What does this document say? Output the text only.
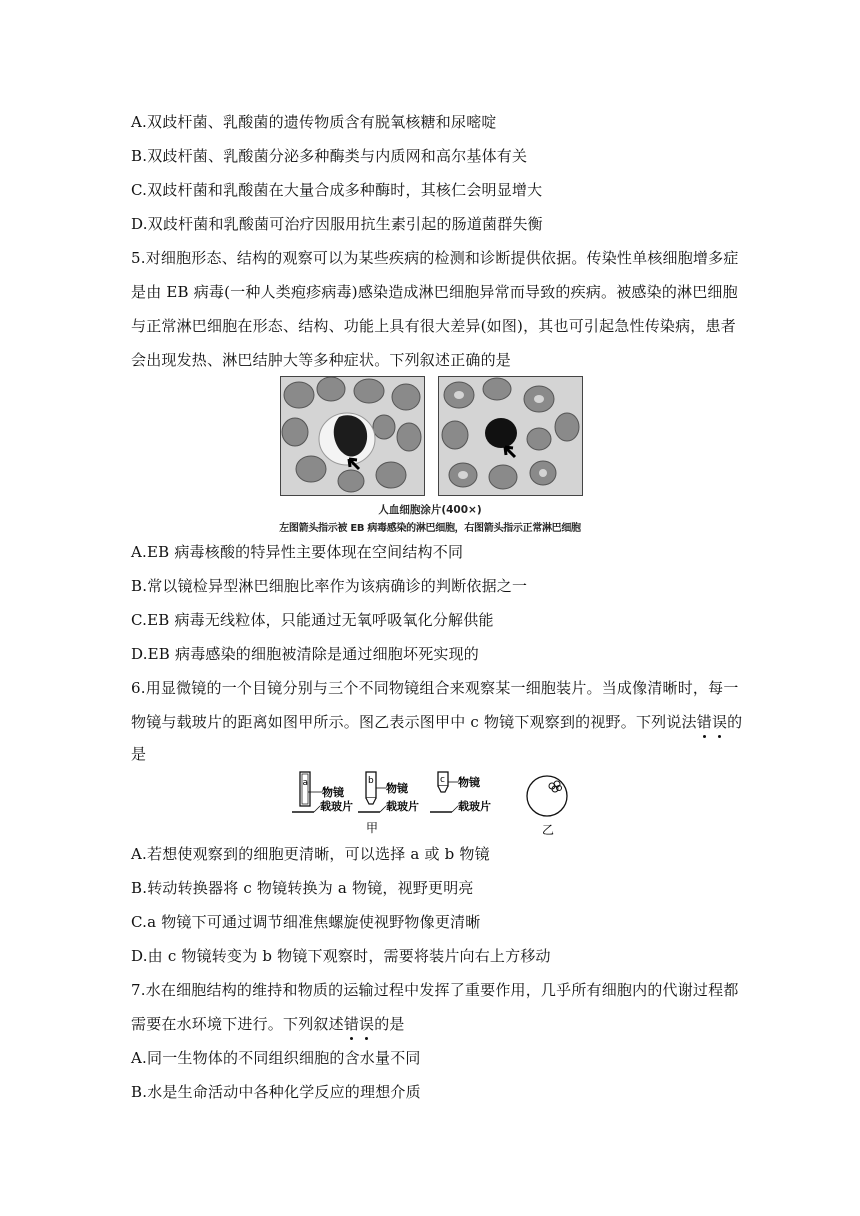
A.双歧杆菌、乳酸菌的遗传物质含有脱氧核糖和尿嘧啶
B.双歧杆菌、乳酸菌分泌多种酶类与内质网和高尔基体有关
C.双歧杆菌和乳酸菌在大量合成多种酶时，其核仁会明显增大
D.双歧杆菌和乳酸菌可治疗因服用抗生素引起的肠道菌群失衡
5.对细胞形态、结构的观察可以为某些疾病的检测和诊断提供依据。传染性单核细胞增多症
是由 EB 病毒(一种人类疱疹病毒)感染造成淋巴细胞异常而导致的疾病。被感染的淋巴细胞
与正常淋巴细胞在形态、结构、功能上具有很大差异(如图)，其也可引起急性传染病，患者
会出现发热、淋巴结肿大等多种症状。下列叙述正确的是
人血细胞涂片(400×)
左图箭头指示被 EB 病毒感染的淋巴细胞，右图箭头指示正常淋巴细胞
A.EB 病毒核酸的特异性主要体现在空间结构不同
B.常以镜检异型淋巴细胞比率作为该病确诊的判断依据之一
C.EB 病毒无线粒体，只能通过无氧呼吸氧化分解供能
D.EB 病毒感染的细胞被清除是通过细胞坏死实现的
6.用显微镜的一个目镜分别与三个不同物镜组合来观察某一细胞装片。当成像清晰时，每一
物镜与载玻片的距离如图甲所示。图乙表示图甲中 c 物镜下观察到的视野。下列说法错误的
是
a
物镜
载玻片
b
物镜
载玻片
c 物镜
载玻片
甲	乙
A.若想使观察到的细胞更清晰，可以选择 a 或 b 物镜
B.转动转换器将 c 物镜转换为 a 物镜，视野更明亮
C.a 物镜下可通过调节细准焦螺旋使视野物像更清晰
D.由 c 物镜转变为 b 物镜下观察时，需要将装片向右上方移动
7.水在细胞结构的维持和物质的运输过程中发挥了重要作用，几乎所有细胞内的代谢过程都
需要在水环境下进行。下列叙述错误的是
A.同一生物体的不同组织细胞的含水量不同
B.水是生命活动中各种化学反应的理想介质
